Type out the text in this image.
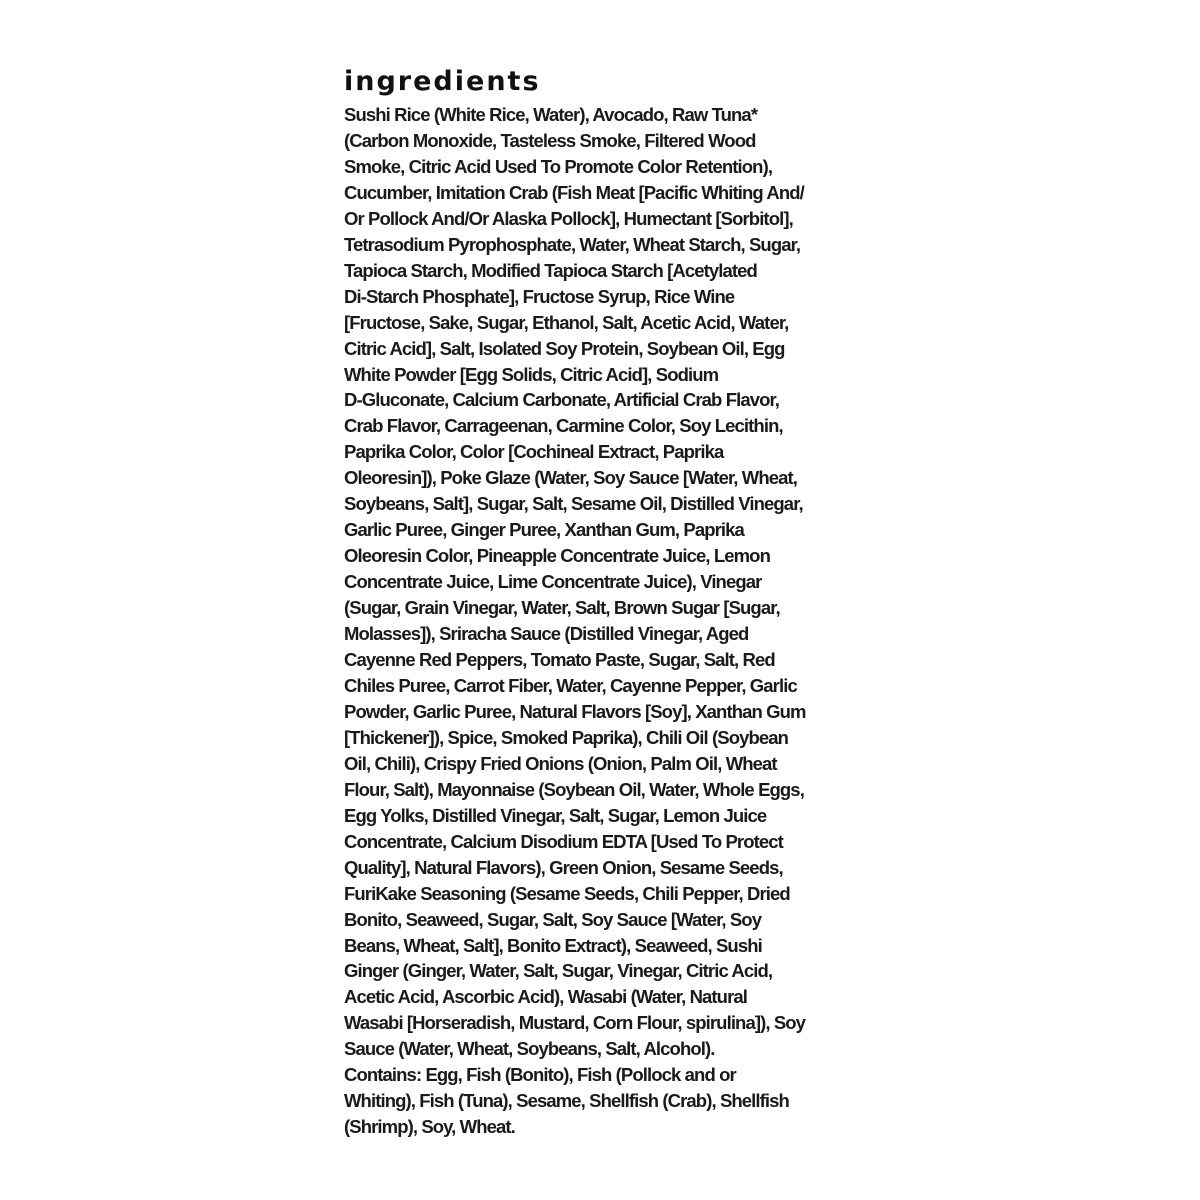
ingredients
Sushi Rice (White Rice, Water), Avocado, Raw Tuna*
(Carbon Monoxide, Tasteless Smoke, Filtered Wood
Smoke, Citric Acid Used To Promote Color Retention),
Cucumber, Imitation Crab (Fish Meat [Pacific Whiting And/
Or Pollock And/Or Alaska Pollock], Humectant [Sorbitol],
Tetrasodium Pyrophosphate, Water, Wheat Starch, Sugar,
Tapioca Starch, Modified Tapioca Starch [Acetylated
Di-Starch Phosphate], Fructose Syrup, Rice Wine
[Fructose, Sake, Sugar, Ethanol, Salt, Acetic Acid, Water,
Citric Acid], Salt, Isolated Soy Protein, Soybean Oil, Egg
White Powder [Egg Solids, Citric Acid], Sodium
D-Gluconate, Calcium Carbonate, Artificial Crab Flavor,
Crab Flavor, Carrageenan, Carmine Color, Soy Lecithin,
Paprika Color, Color [Cochineal Extract, Paprika
Oleoresin]), Poke Glaze (Water, Soy Sauce [Water, Wheat,
Soybeans, Salt], Sugar, Salt, Sesame Oil, Distilled Vinegar,
Garlic Puree, Ginger Puree, Xanthan Gum, Paprika
Oleoresin Color, Pineapple Concentrate Juice, Lemon
Concentrate Juice, Lime Concentrate Juice), Vinegar
(Sugar, Grain Vinegar, Water, Salt, Brown Sugar [Sugar,
Molasses]), Sriracha Sauce (Distilled Vinegar, Aged
Cayenne Red Peppers, Tomato Paste, Sugar, Salt, Red
Chiles Puree, Carrot Fiber, Water, Cayenne Pepper, Garlic
Powder, Garlic Puree, Natural Flavors [Soy], Xanthan Gum
[Thickener]), Spice, Smoked Paprika), Chili Oil (Soybean
Oil, Chili), Crispy Fried Onions (Onion, Palm Oil, Wheat
Flour, Salt), Mayonnaise (Soybean Oil, Water, Whole Eggs,
Egg Yolks, Distilled Vinegar, Salt, Sugar, Lemon Juice
Concentrate, Calcium Disodium EDTA [Used To Protect
Quality], Natural Flavors), Green Onion, Sesame Seeds,
FuriKake Seasoning (Sesame Seeds, Chili Pepper, Dried
Bonito, Seaweed, Sugar, Salt, Soy Sauce [Water, Soy
Beans, Wheat, Salt], Bonito Extract), Seaweed, Sushi
Ginger (Ginger, Water, Salt, Sugar, Vinegar, Citric Acid,
Acetic Acid, Ascorbic Acid), Wasabi (Water, Natural
Wasabi [Horseradish, Mustard, Corn Flour, spirulina]), Soy
Sauce (Water, Wheat, Soybeans, Salt, Alcohol).
Contains: Egg, Fish (Bonito), Fish (Pollock and or
Whiting), Fish (Tuna), Sesame, Shellfish (Crab), Shellfish
(Shrimp), Soy, Wheat.
